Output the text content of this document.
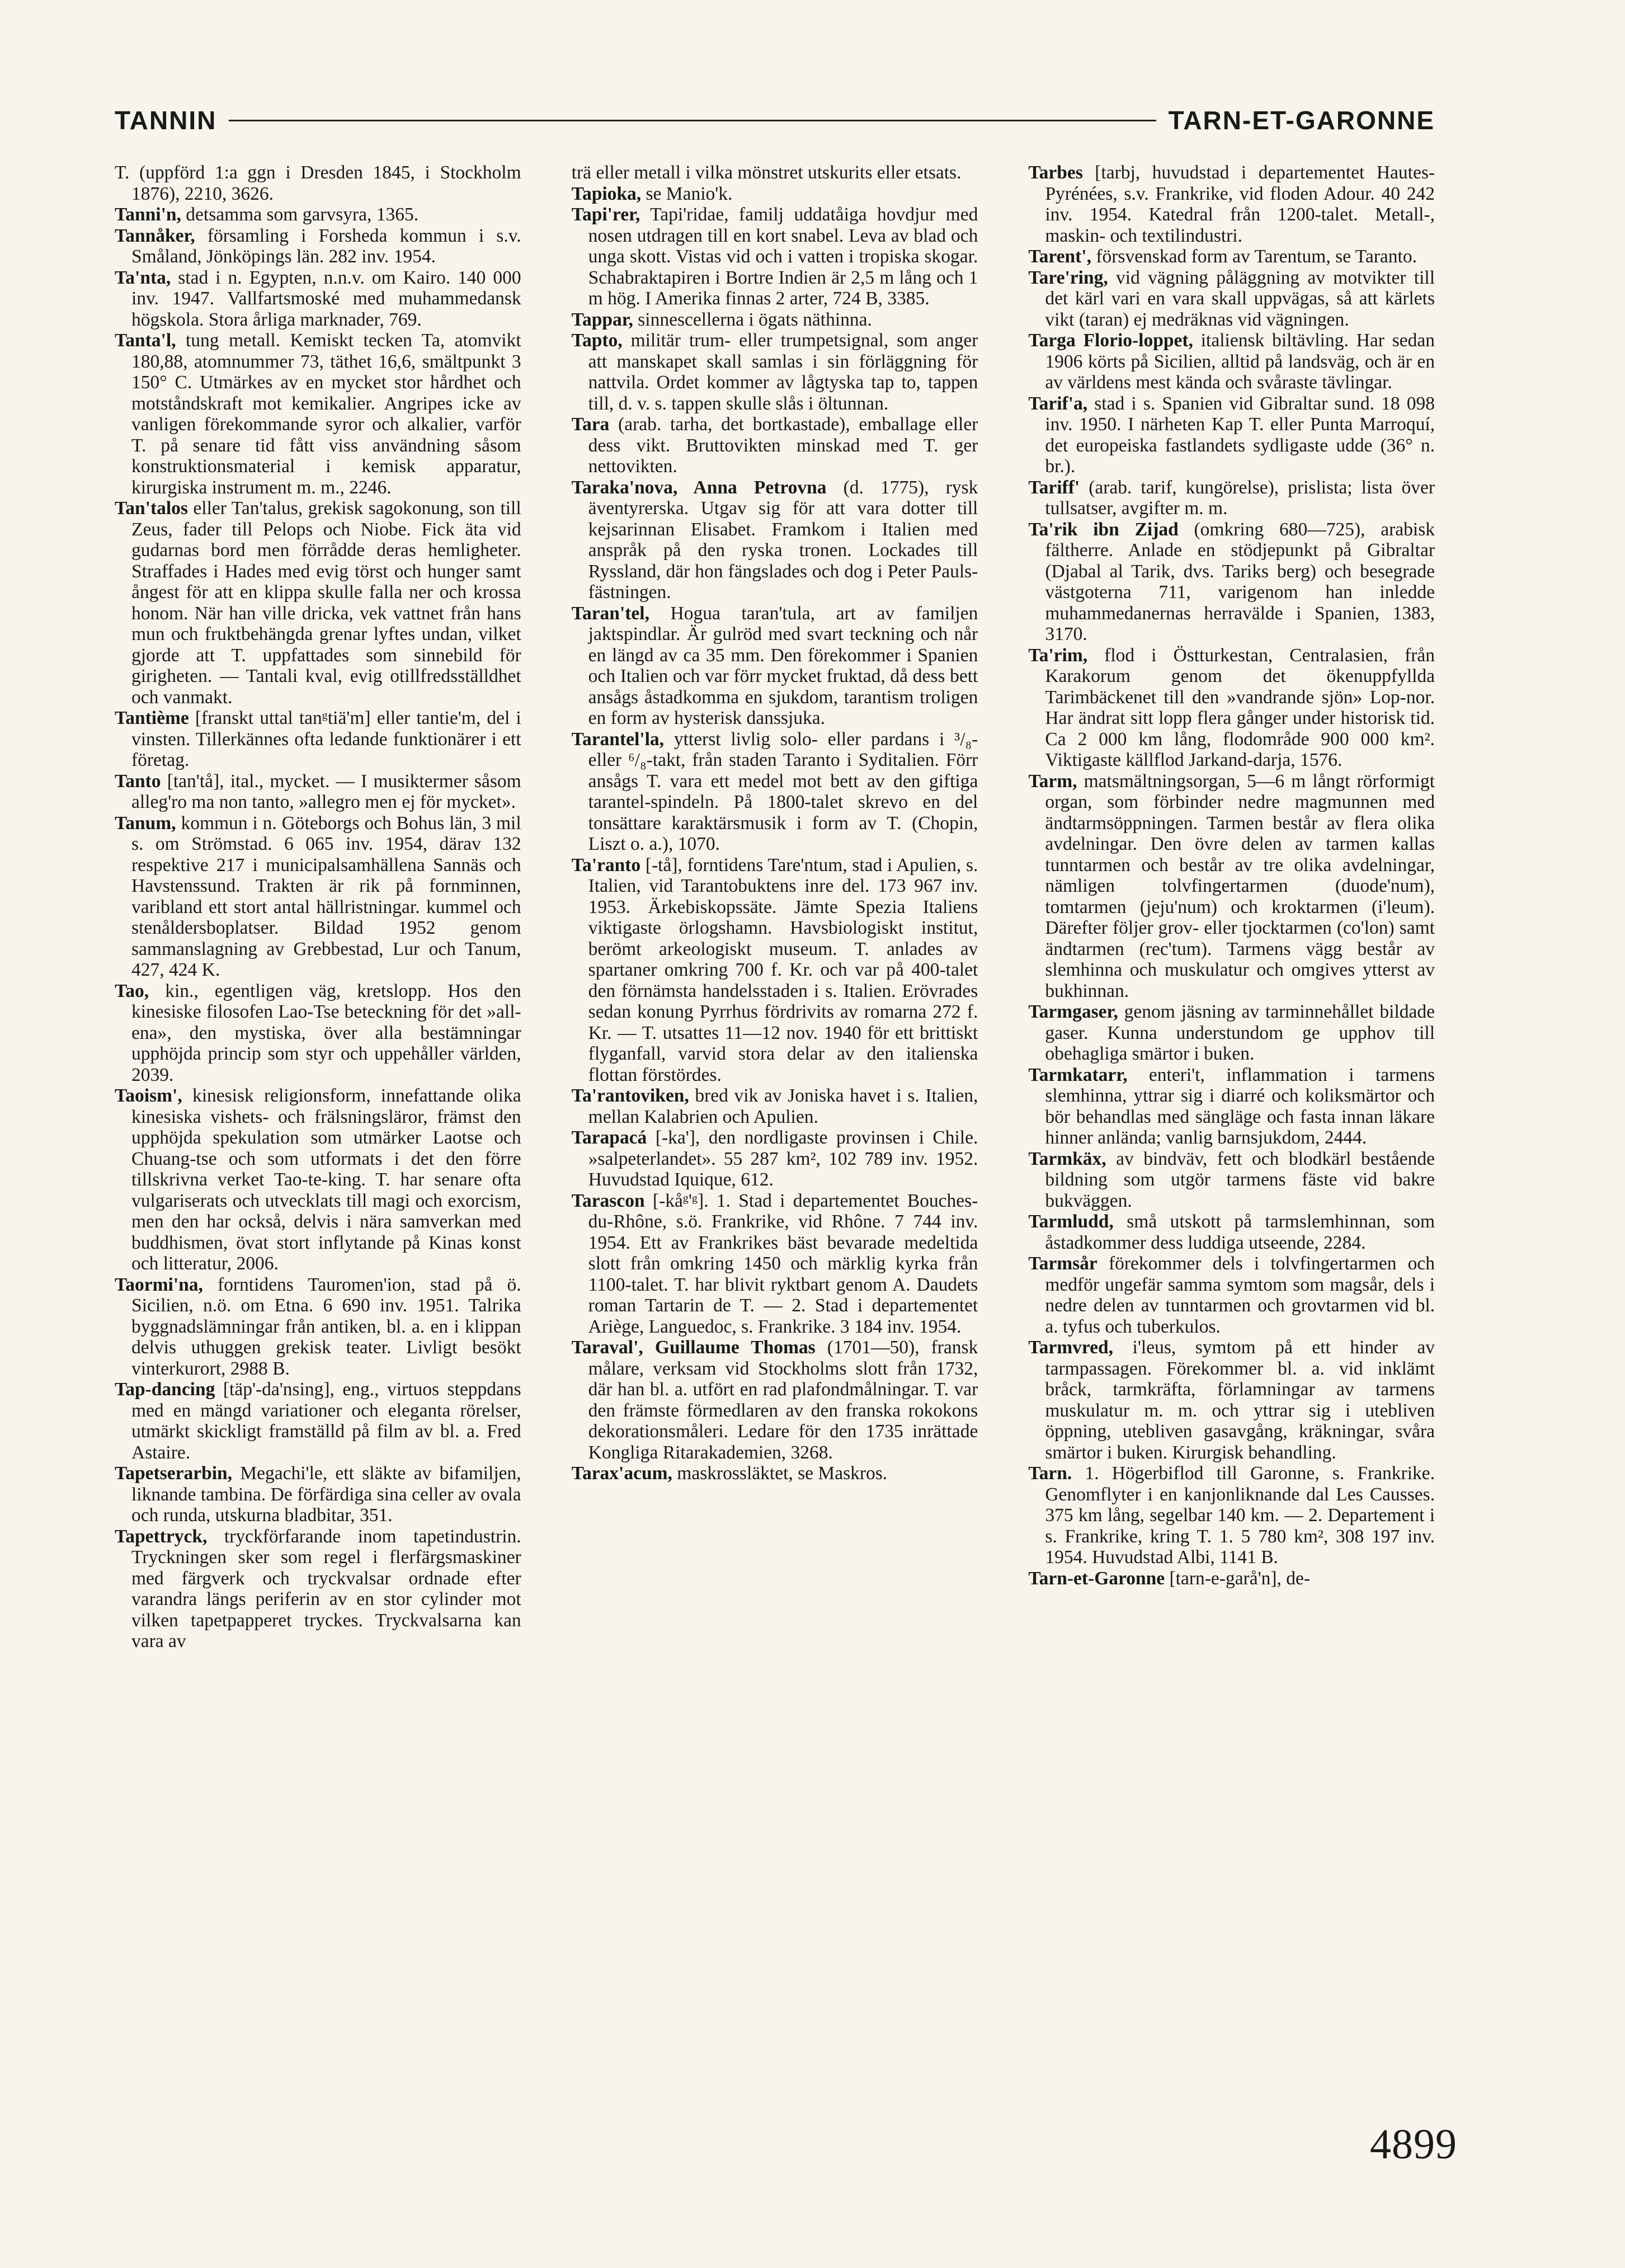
TANNIN	TARN-ET-GARONNE

T. (uppförd 1:a ggn i Dresden 1845, i Stockholm 1876), 2210, 3626.

Tanni'n, detsamma som garvsyra, 1365.

Tannåker, församling i Forsheda kommun i s.v. Småland, Jönköpings län. 282 inv. 1954.

Ta'nta, stad i n. Egypten, n.n.v. om Kairo. 140 000 inv. 1947. Vallfartsmoské med muhammedansk högskola. Stora årliga marknader, 769.

Tanta'l, tung metall. Kemiskt tecken Ta, atomvikt 180,88, atomnummer 73, täthet 16,6, smältpunkt 3 150° C. Utmärkes av en mycket stor hårdhet och motståndskraft mot kemikalier. Angripes icke av vanligen förekommande syror och alkalier, varför T. på senare tid fått viss användning såsom konstruktionsmaterial i kemisk apparatur, kirurgiska instrument m. m., 2246.

Tan'talos eller Tan'talus, grekisk sagokonung, son till Zeus, fader till Pelops och Niobe. Fick äta vid gudarnas bord men förrådde deras hemligheter. Straffades i Hades med evig törst och hunger samt ångest för att en klippa skulle falla ner och krossa honom. När han ville dricka, vek vattnet från hans mun och fruktbehängda grenar lyftes undan, vilket gjorde att T. uppfattades som sinnebild för girigheten. — Tantali kval, evig otillfredsställdhet och vanmakt.

Tantième [franskt uttal tanᵍtiä'm] eller tantie'm, del i vinsten. Tillerkännes ofta ledande funktionärer i ett företag.

Tanto [tan'tå], ital., mycket. — I musiktermer såsom alleg'ro ma non tanto, »allegro men ej för mycket».

Tanum, kommun i n. Göteborgs och Bohus län, 3 mil s. om Strömstad. 6 065 inv. 1954, därav 132 respektive 217 i municipalsamhällena Sannäs och Havstenssund. Trakten är rik på fornminnen, varibland ett stort antal hällristningar. kummel och stenåldersboplatser. Bildad 1952 genom sammanslagning av Grebbestad, Lur och Tanum, 427, 424 K.

Tao, kin., egentligen väg, kretslopp. Hos den kinesiske filosofen Lao-Tse beteckning för det »all-ena», den mystiska, över alla bestämningar upphöjda princip som styr och uppehåller världen, 2039.

Taoism', kinesisk religionsform, innefattande olika kinesiska vishets- och frälsningsläror, främst den upphöjda spekulation som utmärker Laotse och Chuang-tse och som utformats i det den förre tillskrivna verket Tao-te-king. T. har senare ofta vulgariserats och utvecklats till magi och exorcism, men den har också, delvis i nära samverkan med buddhismen, övat stort inflytande på Kinas konst och litteratur, 2006.

Taormi'na, forntidens Tauromen'ion, stad på ö. Sicilien, n.ö. om Etna. 6 690 inv. 1951. Talrika byggnadslämningar från antiken, bl. a. en i klippan delvis uthuggen grekisk teater. Livligt besökt vinterkurort, 2988 B.

Tap-dancing [täp'-da'nsing], eng., virtuos steppdans med en mängd variationer och eleganta rörelser, utmärkt skickligt framställd på film av bl. a. Fred Astaire.

Tapetserarbin, Megachi'le, ett släkte av bifamiljen, liknande tambina. De förfärdiga sina celler av ovala och runda, utskurna bladbitar, 351.

Tapettryck, tryckförfarande inom tapetindustrin. Tryckningen sker som regel i flerfärgsmaskiner med färgverk och tryckvalsar ordnade efter varandra längs periferin av en stor cylinder mot vilken tapetpapperet tryckes. Tryckvalsarna kan vara av

trä eller metall i vilka mönstret utskurits eller etsats.

Tapioka, se Manio'k.

Tapi'rer, Tapi'ridae, familj uddatåiga hovdjur med nosen utdragen till en kort snabel. Leva av blad och unga skott. Vistas vid och i vatten i tropiska skogar. Schabraktapiren i Bortre Indien är 2,5 m lång och 1 m hög. I Amerika finnas 2 arter, 724 B, 3385.

Tappar, sinnescellerna i ögats näthinna.

Tapto, militär trum- eller trumpetsignal, som anger att manskapet skall samlas i sin förläggning för nattvila. Ordet kommer av lågtyska tap to, tappen till, d. v. s. tappen skulle slås i öltunnan.

Tara (arab. tarha, det bortkastade), emballage eller dess vikt. Bruttovikten minskad med T. ger nettovikten.

Taraka'nova, Anna Petrovna (d. 1775), rysk äventyrerska. Utgav sig för att vara dotter till kejsarinnan Elisabet. Framkom i Italien med anspråk på den ryska tronen. Lockades till Ryssland, där hon fängslades och dog i Peter Pauls-fästningen.

Taran'tel, Hogua taran'tula, art av familjen jaktspindlar. Är gulröd med svart teckning och når en längd av ca 35 mm. Den förekommer i Spanien och Italien och var förr mycket fruktad, då dess bett ansågs åstadkomma en sjukdom, tarantism troligen en form av hysterisk danssjuka.

Tarantel'la, ytterst livlig solo- eller pardans i ³/₈- eller ⁶/₈-takt, från staden Taranto i Syditalien. Förr ansågs T. vara ett medel mot bett av den giftiga tarantel-spindeln. På 1800-talet skrevo en del tonsättare karaktärsmusik i form av T. (Chopin, Liszt o. a.), 1070.

Ta'ranto [-tå], forntidens Tare'ntum, stad i Apulien, s. Italien, vid Tarantobuktens inre del. 173 967 inv. 1953. Ärkebiskopssäte. Jämte Spezia Italiens viktigaste örlogshamn. Havsbiologiskt institut, berömt arkeologiskt museum. T. anlades av spartaner omkring 700 f. Kr. och var på 400-talet den förnämsta handelsstaden i s. Italien. Erövrades sedan konung Pyrrhus fördrivits av romarna 272 f. Kr. — T. utsattes 11—12 nov. 1940 för ett brittiskt flyganfall, varvid stora delar av den italienska flottan förstördes.

Ta'rantoviken, bred vik av Joniska havet i s. Italien, mellan Kalabrien och Apulien.

Tarapacá [-ka'], den nordligaste provinsen i Chile. »salpeterlandet». 55 287 km², 102 789 inv. 1952. Huvudstad Iquique, 612.

Tarascon [-kåᵍ'ᵍ]. 1. Stad i departementet Bouches-du-Rhône, s.ö. Frankrike, vid Rhône. 7 744 inv. 1954. Ett av Frankrikes bäst bevarade medeltida slott från omkring 1450 och märklig kyrka från 1100-talet. T. har blivit ryktbart genom A. Daudets roman Tartarin de T. — 2. Stad i departementet Ariège, Languedoc, s. Frankrike. 3 184 inv. 1954.

Taraval', Guillaume Thomas (1701—50), fransk målare, verksam vid Stockholms slott från 1732, där han bl. a. utfört en rad plafondmålningar. T. var den främste förmedlaren av den franska rokokons dekorationsmåleri. Ledare för den 1735 inrättade Kongliga Ritarakademien, 3268.

Tarax'acum, maskrossläktet, se Maskros.

Tarbes [tarbj, huvudstad i departementet Hautes-Pyrénées, s.v. Frankrike, vid floden Adour. 40 242 inv. 1954. Katedral från 1200-talet. Metall-, maskin- och textilindustri.

Tarent', försvenskad form av Tarentum, se Taranto.

Tare'ring, vid vägning påläggning av motvikter till det kärl vari en vara skall uppvägas, så att kärlets vikt (taran) ej medräknas vid vägningen.

Targa Florio-loppet, italiensk biltävling. Har sedan 1906 körts på Sicilien, alltid på landsväg, och är en av världens mest kända och svåraste tävlingar.

Tarif'a, stad i s. Spanien vid Gibraltar sund. 18 098 inv. 1950. I närheten Kap T. eller Punta Marroquí, det europeiska fastlandets sydligaste udde (36° n. br.).

Tariff' (arab. tarif, kungörelse), prislista; lista över tullsatser, avgifter m. m.

Ta'rik ibn Zijad (omkring 680—725), arabisk fältherre. Anlade en stödjepunkt på Gibraltar (Djabal al Tarik, dvs. Tariks berg) och besegrade västgoterna 711, varigenom han inledde muhammedanernas herravälde i Spanien, 1383, 3170.

Ta'rim, flod i Östturkestan, Centralasien, från Karakorum genom det ökenuppfyllda Tarimbäckenet till den »vandrande sjön» Lop-nor. Har ändrat sitt lopp flera gånger under historisk tid. Ca 2 000 km lång, flodområde 900 000 km². Viktigaste källflod Jarkand-darja, 1576.

Tarm, matsmältningsorgan, 5—6 m långt rörformigt organ, som förbinder nedre magmunnen med ändtarmsöppningen. Tarmen består av flera olika avdelningar. Den övre delen av tarmen kallas tunntarmen och består av tre olika avdelningar, nämligen tolvfingertarmen (duode'num), tomtarmen (jeju'num) och kroktarmen (i'leum). Därefter följer grov- eller tjocktarmen (co'lon) samt ändtarmen (rec'tum). Tarmens vägg består av slemhinna och muskulatur och omgives ytterst av bukhinnan.

Tarmgaser, genom jäsning av tarminnehållet bildade gaser. Kunna understundom ge upphov till obehagliga smärtor i buken.

Tarmkatarr, enteri't, inflammation i tarmens slemhinna, yttrar sig i diarré och koliksmärtor och bör behandlas med sängläge och fasta innan läkare hinner anlända; vanlig barnsjukdom, 2444.

Tarmkäx, av bindväv, fett och blodkärl bestående bildning som utgör tarmens fäste vid bakre bukväggen.

Tarmludd, små utskott på tarmslemhinnan, som åstadkommer dess luddiga utseende, 2284.

Tarmsår förekommer dels i tolvfingertarmen och medför ungefär samma symtom som magsår, dels i nedre delen av tunntarmen och grovtarmen vid bl. a. tyfus och tuberkulos.

Tarmvred, i'leus, symtom på ett hinder av tarmpassagen. Förekommer bl. a. vid inklämt bråck, tarmkräfta, förlamningar av tarmens muskulatur m. m. och yttrar sig i utebliven öppning, utebliven gasavgång, kräkningar, svåra smärtor i buken. Kirurgisk behandling.

Tarn. 1. Högerbiflod till Garonne, s. Frankrike. Genomflyter i en kanjonliknande dal Les Causses. 375 km lång, segelbar 140 km. — 2. Departement i s. Frankrike, kring T. 1. 5 780 km², 308 197 inv. 1954. Huvudstad Albi, 1141 B.

Tarn-et-Garonne [tarn-e-garå'n], de-

4899
